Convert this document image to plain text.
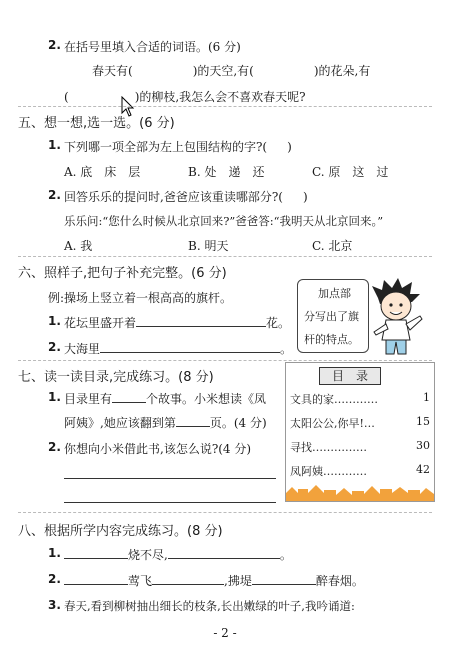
2. 在括号里填入合适的词语。(6 分)
春天有(	)的天空,有(	)的花朵,有
(	)的柳枝,我怎么会不喜欢春天呢?
五、想一想,选一选。(6 分)
1. 下列哪一项全部为左上包围结构的字?( )
A. 底　床　层	B. 处　递　还	C. 原　这　过
2. 回答乐乐的提问时,爸爸应该重读哪部分?( )
乐乐问:“您什么时候从北京回来?”爸爸答:“我明天从北京回来。”
A. 我	B. 明天	C. 北京
六、照样子,把句子补充完整。(6 分)
例:操场上竖立着一根高高的旗杆。
1. 花坛里盛开着	花。
2. 大海里	。
加点部
分写出了旗
杆的特点。
七、读一读目录,完成练习。(8 分)
1. 目录里有	个故事。小米想读《凤
阿姨》,她应该翻到第	页。(4 分)
2. 你想向小米借此书,该怎么说?(4 分)
目　录
文具的家…………	1
太阳公公,你早!…	15
寻找……………	30
凤阿姨…………	42
八、根据所学内容完成练习。(8 分)
1.	烧不尽,	。
2.	莺飞	,拂堤	醉春烟。
3. 春天,看到柳树抽出细长的枝条,长出嫩绿的叶子,我吟诵道:
- 2 -
